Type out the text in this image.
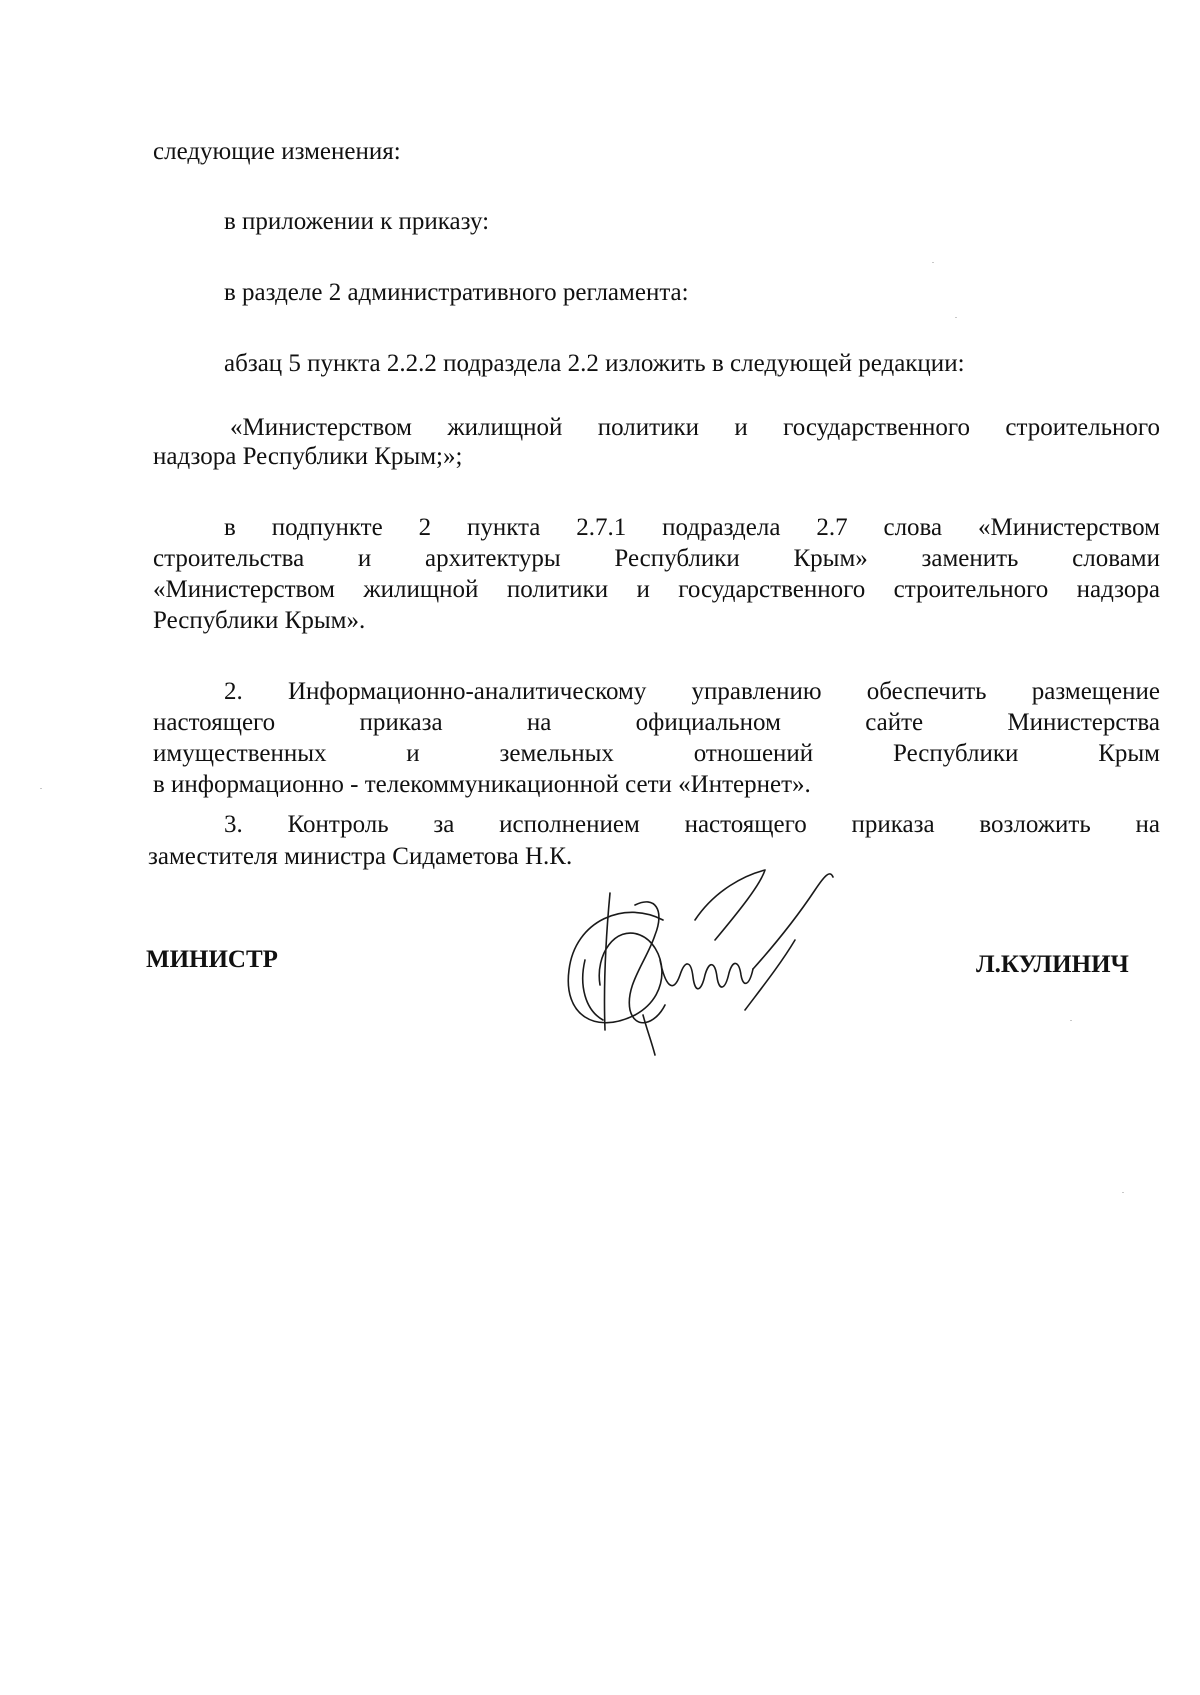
следующие изменения:
в приложении к приказу:
в разделе 2 административного регламента:
абзац 5 пункта 2.2.2 подраздела 2.2 изложить в следующей редакции:
«Министерством жилищной политики и государственного строительного
надзора Республики Крым;»;
в подпункте 2 пункта 2.7.1 подраздела 2.7 слова «Министерством
строительства и архитектуры Республики Крым» заменить словами
«Министерством жилищной политики и государственного строительного надзора
Республики Крым».
2. Информационно-аналитическому управлению обеспечить размещение
настоящего приказа на официальном сайте Министерства
имущественных и земельных отношений Республики Крым
в информационно - телекоммуникационной сети «Интернет».
3. Контроль за исполнением настоящего приказа возложить на
заместителя министра Сидаметова Н.К.
МИНИСТР	Л.КУЛИНИЧ
